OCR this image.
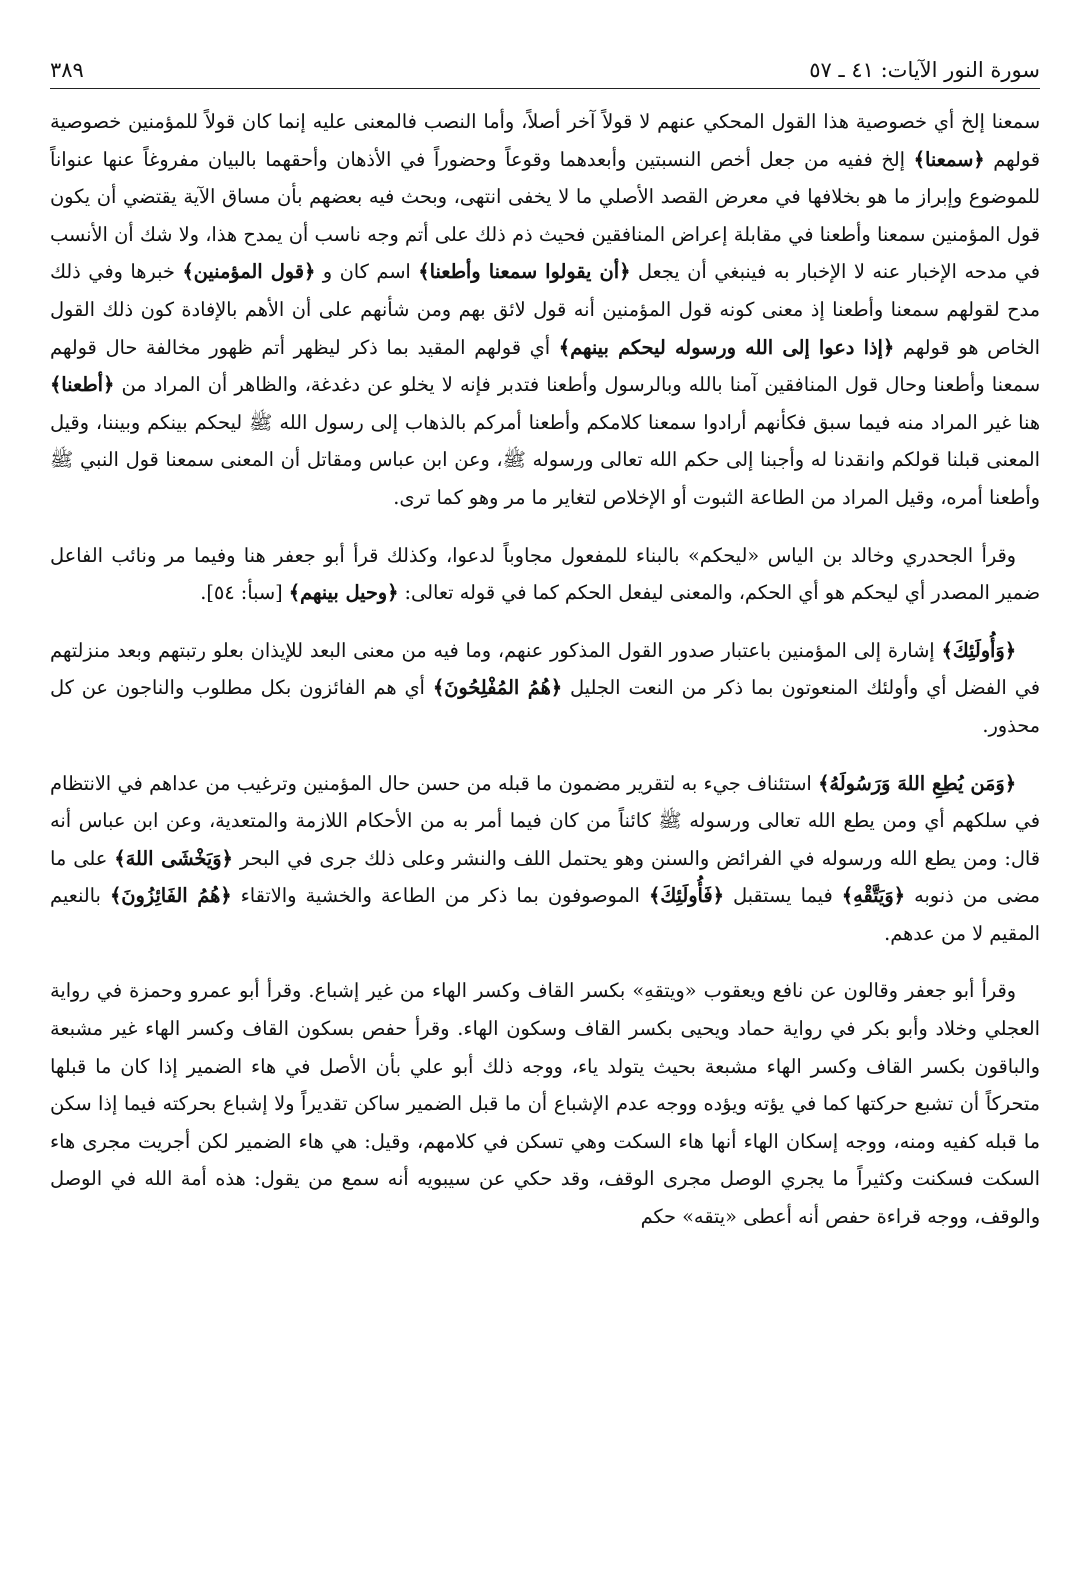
سورة النور الآيات: ٤١ ـ ٥٧
٣٨٩

سمعنا إلخ أي خصوصية هذا القول المحكي عنهم لا قولاً آخر أصلاً، وأما النصب فالمعنى عليه إنما كان قولاً للمؤمنين خصوصية قولهم ﴿سمعنا﴾ إلخ ففيه من جعل أخص النسبتين وأبعدهما وقوعاً وحضوراً في الأذهان وأحقهما بالبيان مفروغاً عنها عنواناً للموضوع وإبراز ما هو بخلافها في معرض القصد الأصلي ما لا يخفى انتهى، وبحث فيه بعضهم بأن مساق الآية يقتضي أن يكون قول المؤمنين سمعنا وأطعنا في مقابلة إعراض المنافقين فحيث ذم ذلك على أتم وجه ناسب أن يمدح هذا، ولا شك أن الأنسب في مدحه الإخبار عنه لا الإخبار به فينبغي أن يجعل ﴿أن يقولوا سمعنا وأطعنا﴾ اسم كان و ﴿قول المؤمنين﴾ خبرها وفي ذلك مدح لقولهم سمعنا وأطعنا إذ معنى كونه قول المؤمنين أنه قول لائق بهم ومن شأنهم على أن الأهم بالإفادة كون ذلك القول الخاص هو قولهم ﴿إذا دعوا إلى الله ورسوله ليحكم بينهم﴾ أي قولهم المقيد بما ذكر ليظهر أتم ظهور مخالفة حال قولهم سمعنا وأطعنا وحال قول المنافقين آمنا بالله وبالرسول وأطعنا فتدبر فإنه لا يخلو عن دغدغة، والظاهر أن المراد من ﴿أطعنا﴾ هنا غير المراد منه فيما سبق فكأنهم أرادوا سمعنا كلامكم وأطعنا أمركم بالذهاب إلى رسول الله ﷺ ليحكم بينكم وبيننا، وقيل المعنى قبلنا قولكم وانقدنا له وأجبنا إلى حكم الله تعالى ورسوله ﷺ، وعن ابن عباس ومقاتل أن المعنى سمعنا قول النبي ﷺ وأطعنا أمره، وقيل المراد من الطاعة الثبوت أو الإخلاص لتغاير ما مر وهو كما ترى.

وقرأ الجحدري وخالد بن الياس «ليحكم» بالبناء للمفعول مجاوباً لدعوا، وكذلك قرأ أبو جعفر هنا وفيما مر ونائب الفاعل ضمير المصدر أي ليحكم هو أي الحكم، والمعنى ليفعل الحكم كما في قوله تعالى: ﴿وحيل بينهم﴾ [سبأ: ٥٤].

﴿وَأُولَئِكَ﴾ إشارة إلى المؤمنين باعتبار صدور القول المذكور عنهم، وما فيه من معنى البعد للإيذان بعلو رتبتهم وبعد منزلتهم في الفضل أي وأولئك المنعوتون بما ذكر من النعت الجليل ﴿هُمُ المُفْلِحُونَ﴾ أي هم الفائزون بكل مطلوب والناجون عن كل محذور.

﴿وَمَن يُطِعِ اللهَ وَرَسُولَهُ﴾ استئناف جيء به لتقرير مضمون ما قبله من حسن حال المؤمنين وترغيب من عداهم في الانتظام في سلكهم أي ومن يطع الله تعالى ورسوله ﷺ كائناً من كان فيما أمر به من الأحكام اللازمة والمتعدية، وعن ابن عباس أنه قال: ومن يطع الله ورسوله في الفرائض والسنن وهو يحتمل اللف والنشر وعلى ذلك جرى في البحر ﴿وَيَخْشَى اللهَ﴾ على ما مضى من ذنوبه ﴿وَيَتَّقْهِ﴾ فيما يستقبل ﴿فَأُولَئِكَ﴾ الموصوفون بما ذكر من الطاعة والخشية والاتقاء ﴿هُمُ الفَائِزُونَ﴾ بالنعيم المقيم لا من عدهم.

وقرأ أبو جعفر وقالون عن نافع ويعقوب «ويتقهِ» بكسر القاف وكسر الهاء من غير إشباع. وقرأ أبو عمرو وحمزة في رواية العجلي وخلاد وأبو بكر في رواية حماد ويحيى بكسر القاف وسكون الهاء. وقرأ حفص بسكون القاف وكسر الهاء غير مشبعة والباقون بكسر القاف وكسر الهاء مشبعة بحيث يتولد ياء، ووجه ذلك أبو علي بأن الأصل في هاء الضمير إذا كان ما قبلها متحركاً أن تشبع حركتها كما في يؤته ويؤده ووجه عدم الإشباع أن ما قبل الضمير ساكن تقديراً ولا إشباع بحركته فيما إذا سكن ما قبله كفيه ومنه، ووجه إسكان الهاء أنها هاء السكت وهي تسكن في كلامهم، وقيل: هي هاء الضمير لكن أجريت مجرى هاء السكت فسكنت وكثيراً ما يجري الوصل مجرى الوقف، وقد حكي عن سيبويه أنه سمع من يقول: هذه أمة الله في الوصل والوقف، ووجه قراءة حفص أنه أعطى «يتقه» حكم
